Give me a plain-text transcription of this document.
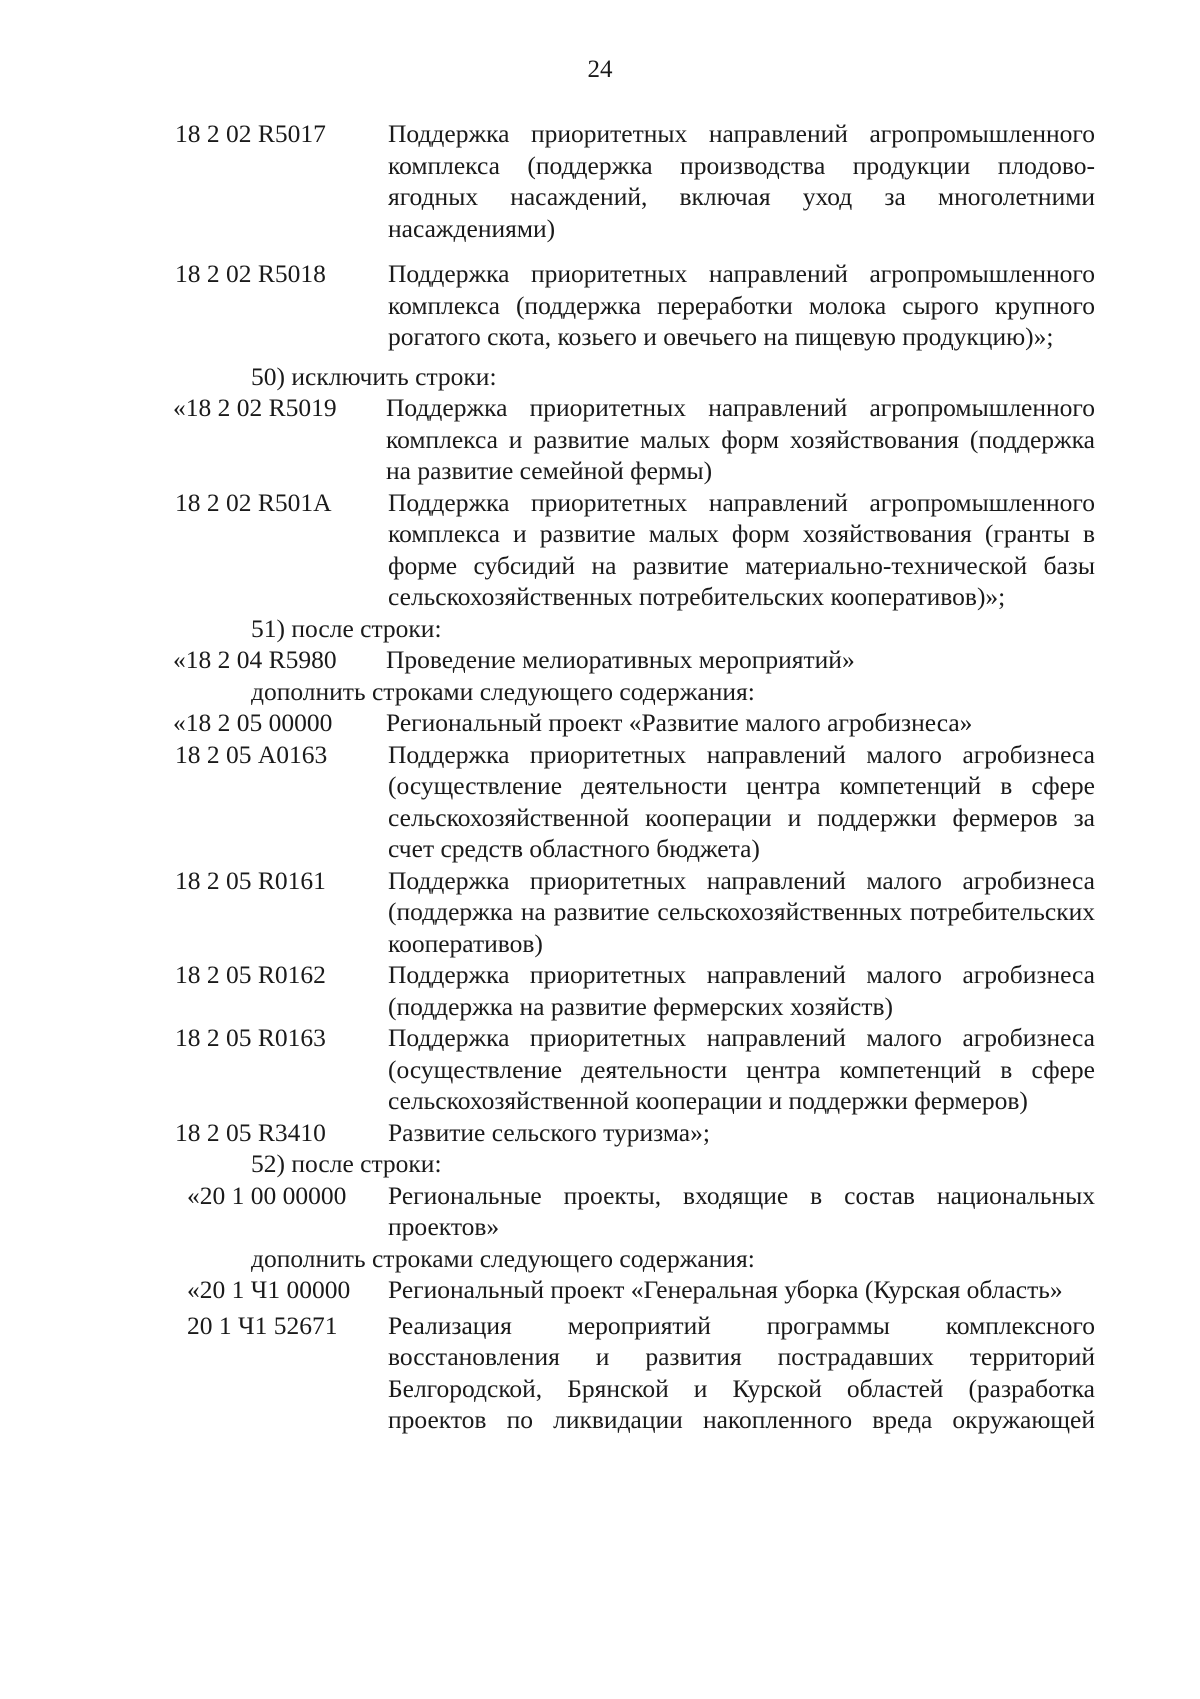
24
18 2 02 R5017	Поддержка приоритетных направлений агропромышленного комплекса (поддержка производства продукции плодово-ягодных насаждений, включая уход за многолетними насаждениями)
18 2 02 R5018	Поддержка приоритетных направлений агропромышленного комплекса (поддержка переработки молока сырого крупного рогатого скота, козьего и овечьего на пищевую продукцию)»;
50) исключить строки:
«18 2 02 R5019	Поддержка приоритетных направлений агропромышленного комплекса и развитие малых форм хозяйствования (поддержка на развитие семейной фермы)
18 2 02 R501A	Поддержка приоритетных направлений агропромышленного комплекса и развитие малых форм хозяйствования (гранты в форме субсидий на развитие материально-технической базы сельскохозяйственных потребительских кооперативов)»;
51) после строки:
«18 2 04 R5980	Проведение мелиоративных мероприятий»
дополнить строками следующего содержания:
«18 2 05 00000	Региональный проект «Развитие малого агробизнеса»
18 2 05 А0163	Поддержка приоритетных направлений малого агробизнеса (осуществление деятельности центра компетенций в сфере сельскохозяйственной кооперации и поддержки фермеров за счет средств областного бюджета)
18 2 05 R0161	Поддержка приоритетных направлений малого агробизнеса (поддержка на развитие сельскохозяйственных потребительских кооперативов)
18 2 05 R0162	Поддержка приоритетных направлений малого агробизнеса (поддержка на развитие фермерских хозяйств)
18 2 05 R0163	Поддержка приоритетных направлений малого агробизнеса (осуществление деятельности центра компетенций в сфере сельскохозяйственной кооперации и поддержки фермеров)
18 2 05 R3410	Развитие сельского туризма»;
52) после строки:
«20 1 00 00000	Региональные проекты, входящие в состав национальных проектов»
дополнить строками следующего содержания:
«20 1 Ч1 00000	Региональный проект «Генеральная уборка (Курская область»
20 1 Ч1 52671	Реализация мероприятий программы комплексного восстановления и развития пострадавших территорий Белгородской, Брянской и Курской областей (разработка проектов по ликвидации накопленного вреда окружающей
